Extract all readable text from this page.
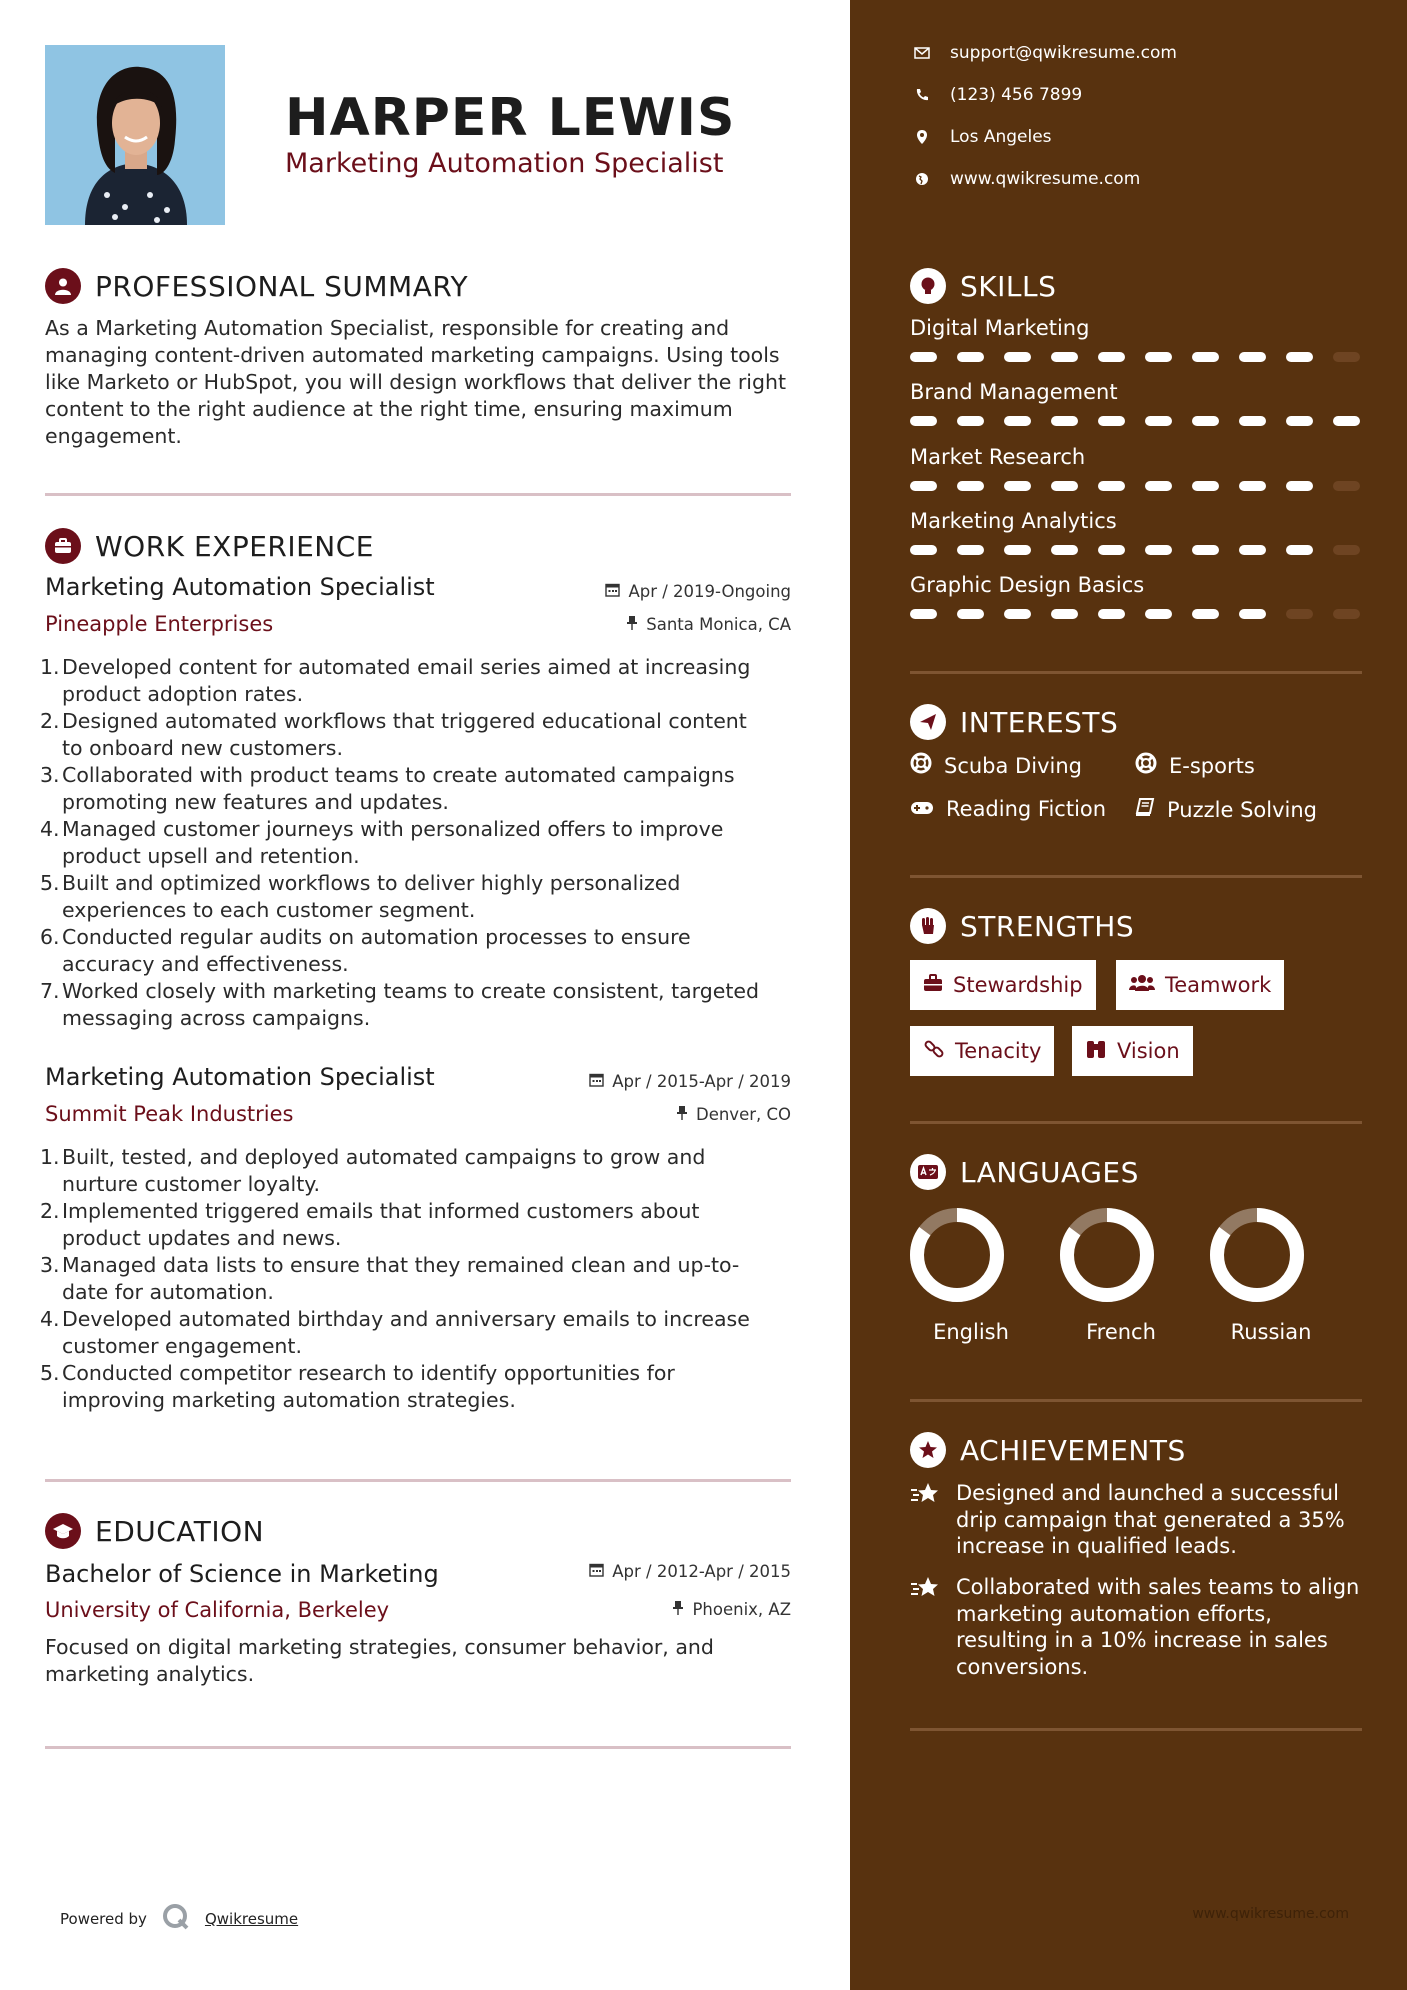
HARPER LEWIS
Marketing Automation Specialist
PROFESSIONAL SUMMARY
As a Marketing Automation Specialist, responsible for creating and managing content-driven automated marketing campaigns. Using tools like Marketo or HubSpot, you will design workflows that deliver the right content to the right audience at the right time, ensuring maximum engagement.
WORK EXPERIENCE
Marketing Automation Specialist	Apr / 2019-Ongoing
Pineapple Enterprises	Santa Monica, CA
1. Developed content for automated email series aimed at increasing
product adoption rates.
2. Designed automated workflows that triggered educational content
to onboard new customers.
3. Collaborated with product teams to create automated campaigns
promoting new features and updates.
4. Managed customer journeys with personalized offers to improve
product upsell and retention.
5. Built and optimized workflows to deliver highly personalized
experiences to each customer segment.
6. Conducted regular audits on automation processes to ensure
accuracy and effectiveness.
7. Worked closely with marketing teams to create consistent, targeted
messaging across campaigns.
Marketing Automation Specialist	Apr / 2015-Apr / 2019
Summit Peak Industries	Denver, CO
1. Built, tested, and deployed automated campaigns to grow and
nurture customer loyalty.
2. Implemented triggered emails that informed customers about
product updates and news.
3. Managed data lists to ensure that they remained clean and up-to-
date for automation.
4. Developed automated birthday and anniversary emails to increase
customer engagement.
5. Conducted competitor research to identify opportunities for
improving marketing automation strategies.
EDUCATION
Bachelor of Science in Marketing	Apr / 2012-Apr / 2015
University of California, Berkeley	Phoenix, AZ
Focused on digital marketing strategies, consumer behavior, and marketing analytics.
Powered by	Qwikresume
support@qwikresume.com
(123) 456 7899
Los Angeles
www.qwikresume.com
SKILLS
Digital Marketing
Brand Management
Market Research
Marketing Analytics
Graphic Design Basics
INTERESTS
Scuba Diving	E-sports
Reading Fiction	Puzzle Solving
STRENGTHS
Stewardship	Teamwork
Tenacity	Vision
LANGUAGES
English	French	Russian
ACHIEVEMENTS
Designed and launched a successful
drip campaign that generated a 35%
increase in qualified leads.
Collaborated with sales teams to align
marketing automation efforts,
resulting in a 10% increase in sales
conversions.
www.qwikresume.com
